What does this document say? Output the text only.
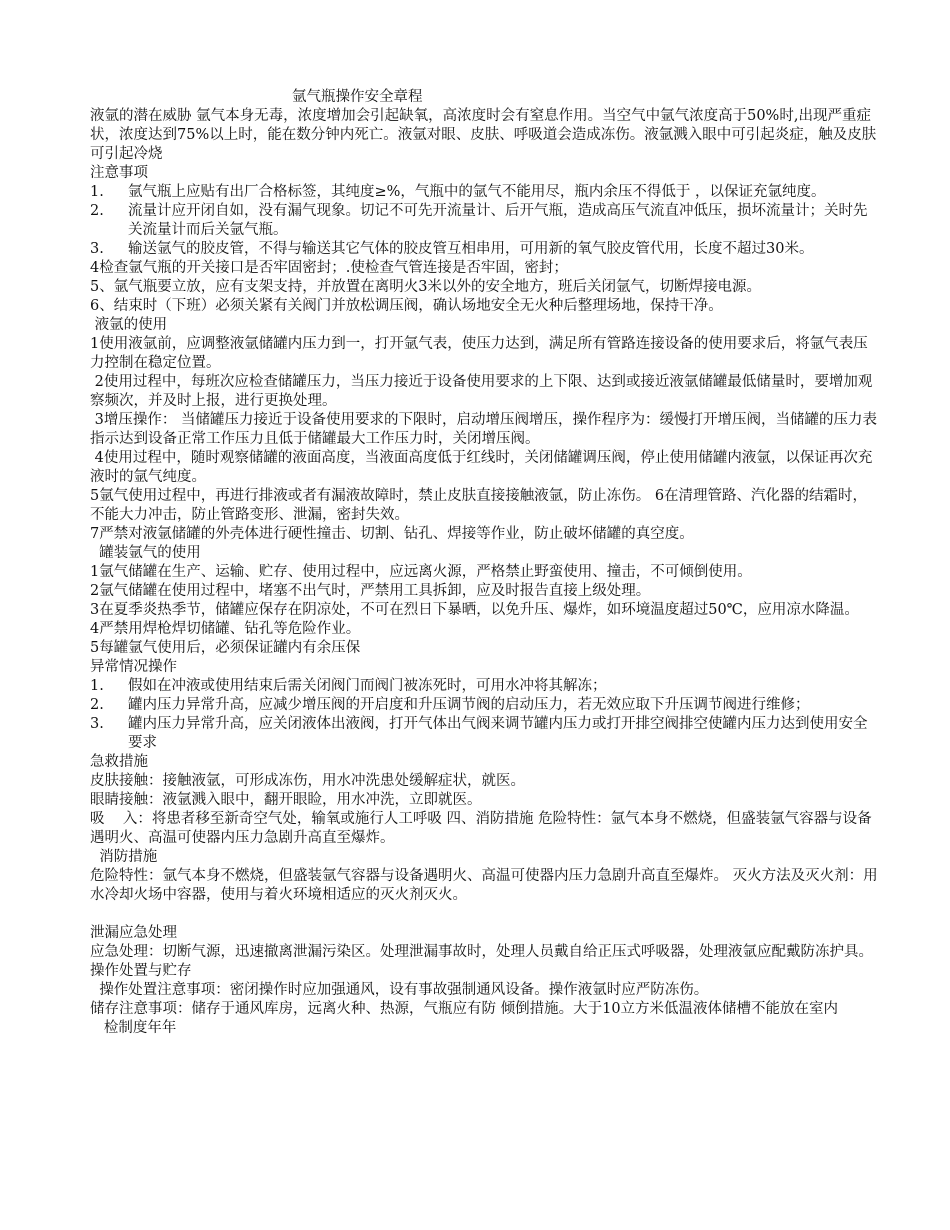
氩气瓶操作安全章程
液氩的潜在威胁 氩气本身无毒，浓度增加会引起缺氧，高浓度时会有窒息作用。当空气中氩气浓度高于50%时,出现严重症状，浓度达到75%以上时，能在数分钟内死亡。液氩对眼、皮肤、呼吸道会造成冻伤。液氩溅入眼中可引起炎症，触及皮肤可引起冷烧
注意事项
1.	氩气瓶上应贴有出厂合格标签，其纯度≥%，气瓶中的氩气不能用尽，瓶内余压不得低于 ，以保证充氩纯度。
2.	流量计应开闭自如，没有漏气现象。切记不可先开流量计、后开气瓶，造成高压气流直冲低压，损坏流量计；关时先关流量计而后关氩气瓶。
3.	输送氩气的胶皮管，不得与输送其它气体的胶皮管互相串用，可用新的氧气胶皮管代用，长度不超过30米。
4检查氩气瓶的开关接口是否牢固密封；.使检查气管连接是否牢固，密封；
5、氩气瓶要立放，应有支架支持，并放置在离明火3米以外的安全地方，班后关闭氩气，切断焊接电源。
6、结束时（下班）必须关紧有关阀门并放松调压阀，确认场地安全无火种后整理场地，保持干净。
液氩的使用
1使用液氩前，应调整液氩储罐内压力到一，打开氩气表，使压力达到，满足所有管路连接设备的使用要求后，将氩气表压力控制在稳定位置。
2使用过程中，每班次应检查储罐压力，当压力接近于设备使用要求的上下限、达到或接近液氩储罐最低储量时，要增加观察频次，并及时上报，进行更换处理。
3增压操作： 当储罐压力接近于设备使用要求的下限时，启动增压阀增压，操作程序为：缓慢打开增压阀，当储罐的压力表指示达到设备正常工作压力且低于储罐最大工作压力时，关闭增压阀。
4使用过程中，随时观察储罐的液面高度，当液面高度低于红线时，关闭储罐调压阀，停止使用储罐内液氩，以保证再次充液时的氩气纯度。
5氩气使用过程中，再进行排液或者有漏液故障时，禁止皮肤直接接触液氩，防止冻伤。 6在清理管路、汽化器的结霜时，不能大力冲击，防止管路变形、泄漏，密封失效。
7严禁对液氩储罐的外壳体进行硬性撞击、切割、钻孔、焊接等作业，防止破坏储罐的真空度。
罐装氩气的使用
1氩气储罐在生产、运输、贮存、使用过程中，应远离火源，严格禁止野蛮使用、撞击，不可倾倒使用。
2氩气储罐在使用过程中，堵塞不出气时，严禁用工具拆卸，应及时报告直接上级处理。
3在夏季炎热季节，储罐应保存在阴凉处，不可在烈日下暴晒，以免升压、爆炸，如环境温度超过50℃，应用凉水降温。
4严禁用焊枪焊切储罐、钻孔等危险作业。
5每罐氩气使用后，必须保证罐内有余压保
异常情况操作
1.	假如在冲液或使用结束后需关闭阀门而阀门被冻死时，可用水冲将其解冻；
2.	罐内压力异常升高，应减少增压阀的开启度和升压调节阀的启动压力，若无效应取下升压调节阀进行维修；
3.	罐内压力异常升高，应关闭液体出液阀，打开气体出气阀来调节罐内压力或打开排空阀排空使罐内压力达到使用安全要求
急救措施
皮肤接触：接触液氩，可形成冻伤，用水冲洗患处缓解症状，就医。
眼睛接触：液氩溅入眼中，翻开眼睑，用水冲洗，立即就医。
吸    入：将患者移至新奇空气处，输氧或施行人工呼吸 四、消防措施 危险特性：氩气本身不燃烧，但盛装氩气容器与设备遇明火、高温可使器内压力急剧升高直至爆炸。
消防措施
危险特性：氩气本身不燃烧，但盛装氩气容器与设备遇明火、高温可使器内压力急剧升高直至爆炸。 灭火方法及灭火剂：用水冷却火场中容器，使用与着火环境相适应的灭火剂灭火。
泄漏应急处理
应急处理：切断气源，迅速撤离泄漏污染区。处理泄漏事故时，处理人员戴自给正压式呼吸器，处理液氩应配戴防冻护具。
操作处置与贮存
操作处置注意事项：密闭操作时应加强通风，设有事故强制通风设备。操作液氩时应严防冻伤。
储存注意事项：储存于通风库房，远离火种、热源，气瓶应有防 倾倒措施。大于10立方米低温液体储槽不能放在室内
检制度年年
